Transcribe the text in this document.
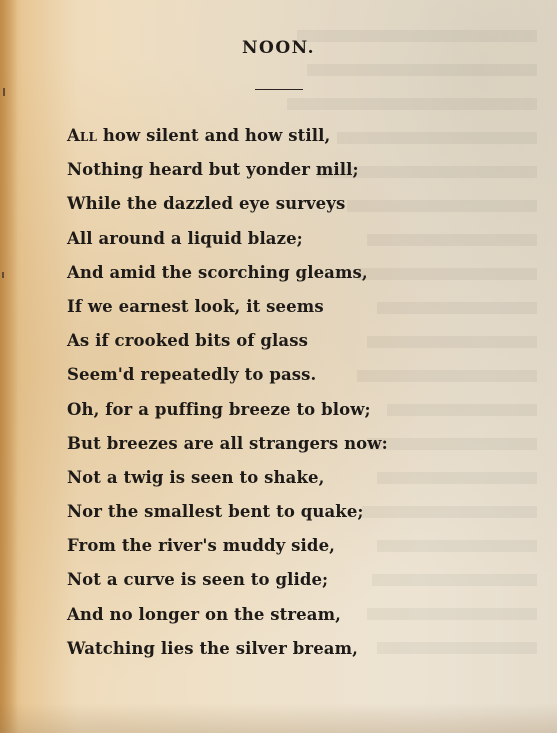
NOON.
All how silent and how still,
Nothing heard but yonder mill;
While the dazzled eye surveys
All around a liquid blaze;
And amid the scorching gleams,
If we earnest look, it seems
As if crooked bits of glass
Seem'd repeatedly to pass.
Oh, for a puffing breeze to blow;
But breezes are all strangers now:
Not a twig is seen to shake,
Nor the smallest bent to quake;
From the river's muddy side,
Not a curve is seen to glide;
And no longer on the stream,
Watching lies the silver bream,
